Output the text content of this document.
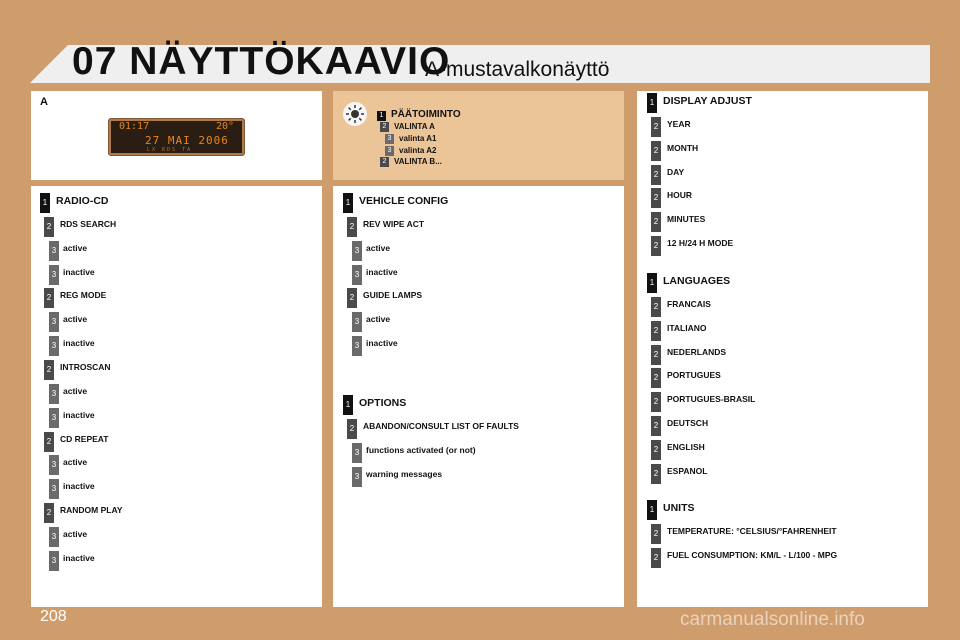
07 NÄYTTÖKAAVIO
A-mustavalkonäyttö
A
01:17	20°
27 MAI 2006
LX RDS TA
1 PÄÄTOIMINTO
2 VALINTA A
3 valinta A1
3 valinta A2
2 VALINTA B...
1 RADIO-CD
2	RDS SEARCH
3 active
3 inactive
2	REG MODE
3 active
3 inactive
2	INTROSCAN
3 active
3 inactive
2	CD REPEAT
3 active
3 inactive
2	RANDOM PLAY
3 active
3 inactive
1 VEHICLE CONFIG
2	REV WIPE ACT
3 active
3 inactive
2	GUIDE LAMPS
3 active
3 inactive
1 OPTIONS
2	ABANDON/CONSULT LIST OF FAULTS
3 functions activated (or not)
3 warning messages
1 DISPLAY ADJUST
2	YEAR
2	MONTH
2	DAY
2	HOUR
2	MINUTES
2	12 H/24 H MODE
1 LANGUAGES
2	FRANCAIS
2	ITALIANO
2	NEDERLANDS
2	PORTUGUES
2	PORTUGUES-BRASIL
2	DEUTSCH
2	ENGLISH
2	ESPANOL
1 UNITS
2	TEMPERATURE: °CELSIUS/°FAHRENHEIT
2	FUEL CONSUMPTION: KM/L - L/100 - MPG
208	carmanualsonline.info
